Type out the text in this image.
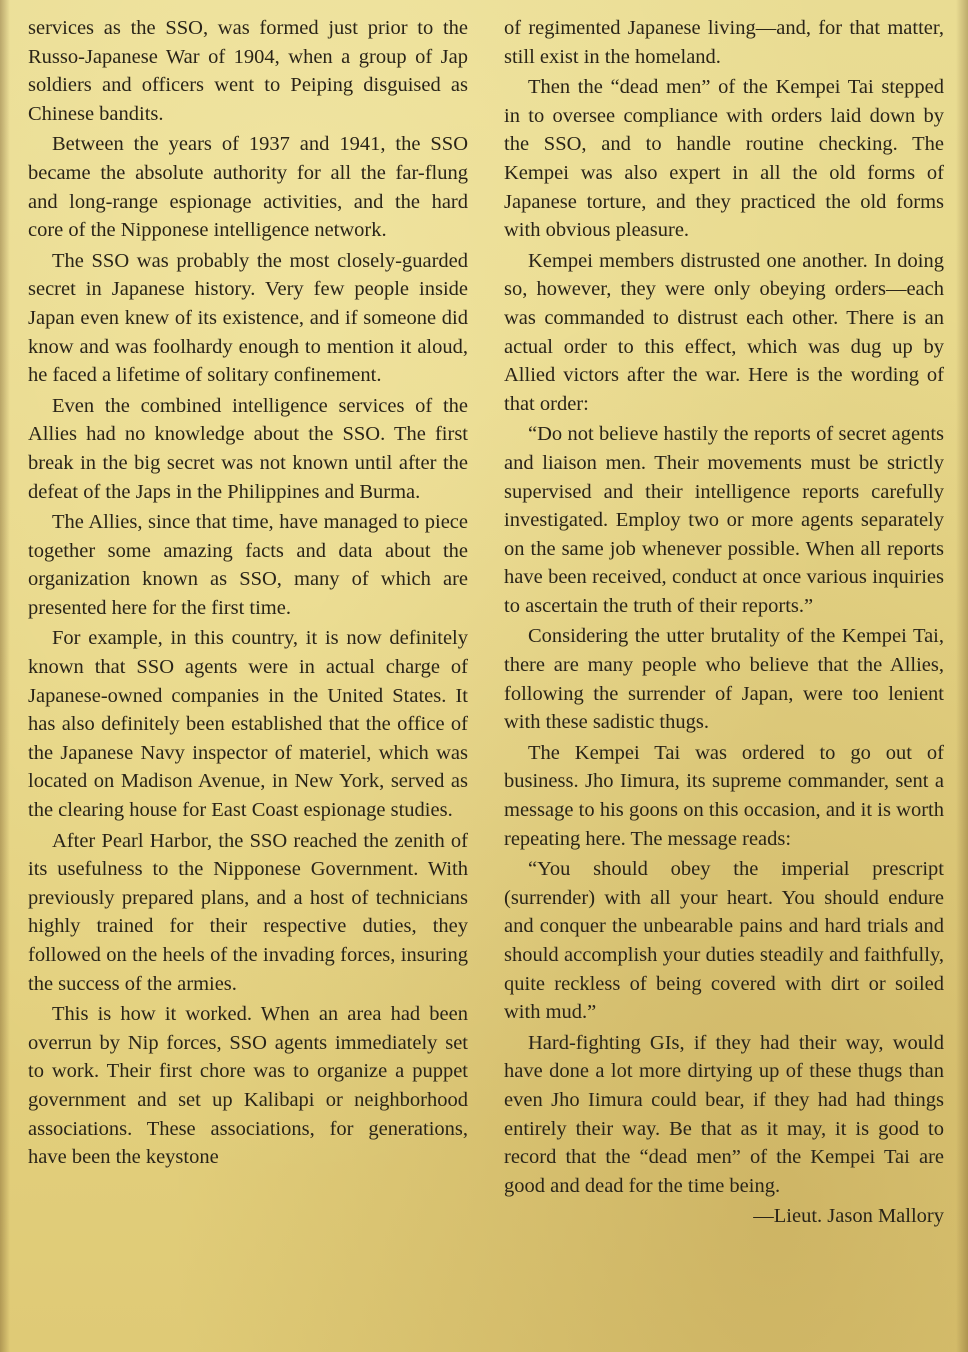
services as the SSO, was formed just prior to the Russo-Japanese War of 1904, when a group of Jap soldiers and officers went to Peiping disguised as Chinese bandits.

Between the years of 1937 and 1941, the SSO became the absolute authority for all the far-flung and long-range espionage activities, and the hard core of the Nipponese intelligence network.

The SSO was probably the most closely-guarded secret in Japanese history. Very few people inside Japan even knew of its existence, and if someone did know and was foolhardy enough to mention it aloud, he faced a lifetime of solitary confinement.

Even the combined intelligence services of the Allies had no knowledge about the SSO. The first break in the big secret was not known until after the defeat of the Japs in the Philippines and Burma.

The Allies, since that time, have managed to piece together some amazing facts and data about the organization known as SSO, many of which are presented here for the first time.

For example, in this country, it is now definitely known that SSO agents were in actual charge of Japanese-owned companies in the United States. It has also definitely been established that the office of the Japanese Navy inspector of materiel, which was located on Madison Avenue, in New York, served as the clearing house for East Coast espionage studies.

After Pearl Harbor, the SSO reached the zenith of its usefulness to the Nipponese Government. With previously prepared plans, and a host of technicians highly trained for their respective duties, they followed on the heels of the invading forces, insuring the success of the armies.

This is how it worked. When an area had been overrun by Nip forces, SSO agents immediately set to work. Their first chore was to organize a puppet government and set up Kalibapi or neighborhood associations. These associations, for generations, have been the keystone

of regimented Japanese living—and, for that matter, still exist in the homeland.

Then the “dead men” of the Kempei Tai stepped in to oversee compliance with orders laid down by the SSO, and to handle routine checking. The Kempei was also expert in all the old forms of Japanese torture, and they practiced the old forms with obvious pleasure.

Kempei members distrusted one another. In doing so, however, they were only obeying orders—each was commanded to distrust each other. There is an actual order to this effect, which was dug up by Allied victors after the war. Here is the wording of that order:

“Do not believe hastily the reports of secret agents and liaison men. Their movements must be strictly supervised and their intelligence reports carefully investigated. Employ two or more agents separately on the same job whenever possible. When all reports have been received, conduct at once various inquiries to ascertain the truth of their reports.”

Considering the utter brutality of the Kempei Tai, there are many people who believe that the Allies, following the surrender of Japan, were too lenient with these sadistic thugs.

The Kempei Tai was ordered to go out of business. Jho Iimura, its supreme commander, sent a message to his goons on this occasion, and it is worth repeating here. The message reads:

“You should obey the imperial prescript (surrender) with all your heart. You should endure and conquer the unbearable pains and hard trials and should accomplish your duties steadily and faithfully, quite reckless of being covered with dirt or soiled with mud.”

Hard-fighting GIs, if they had their way, would have done a lot more dirtying up of these thugs than even Jho Iimura could bear, if they had had things entirely their way. Be that as it may, it is good to record that the “dead men” of the Kempei Tai are good and dead for the time being.

—Lieut. Jason Mallory
